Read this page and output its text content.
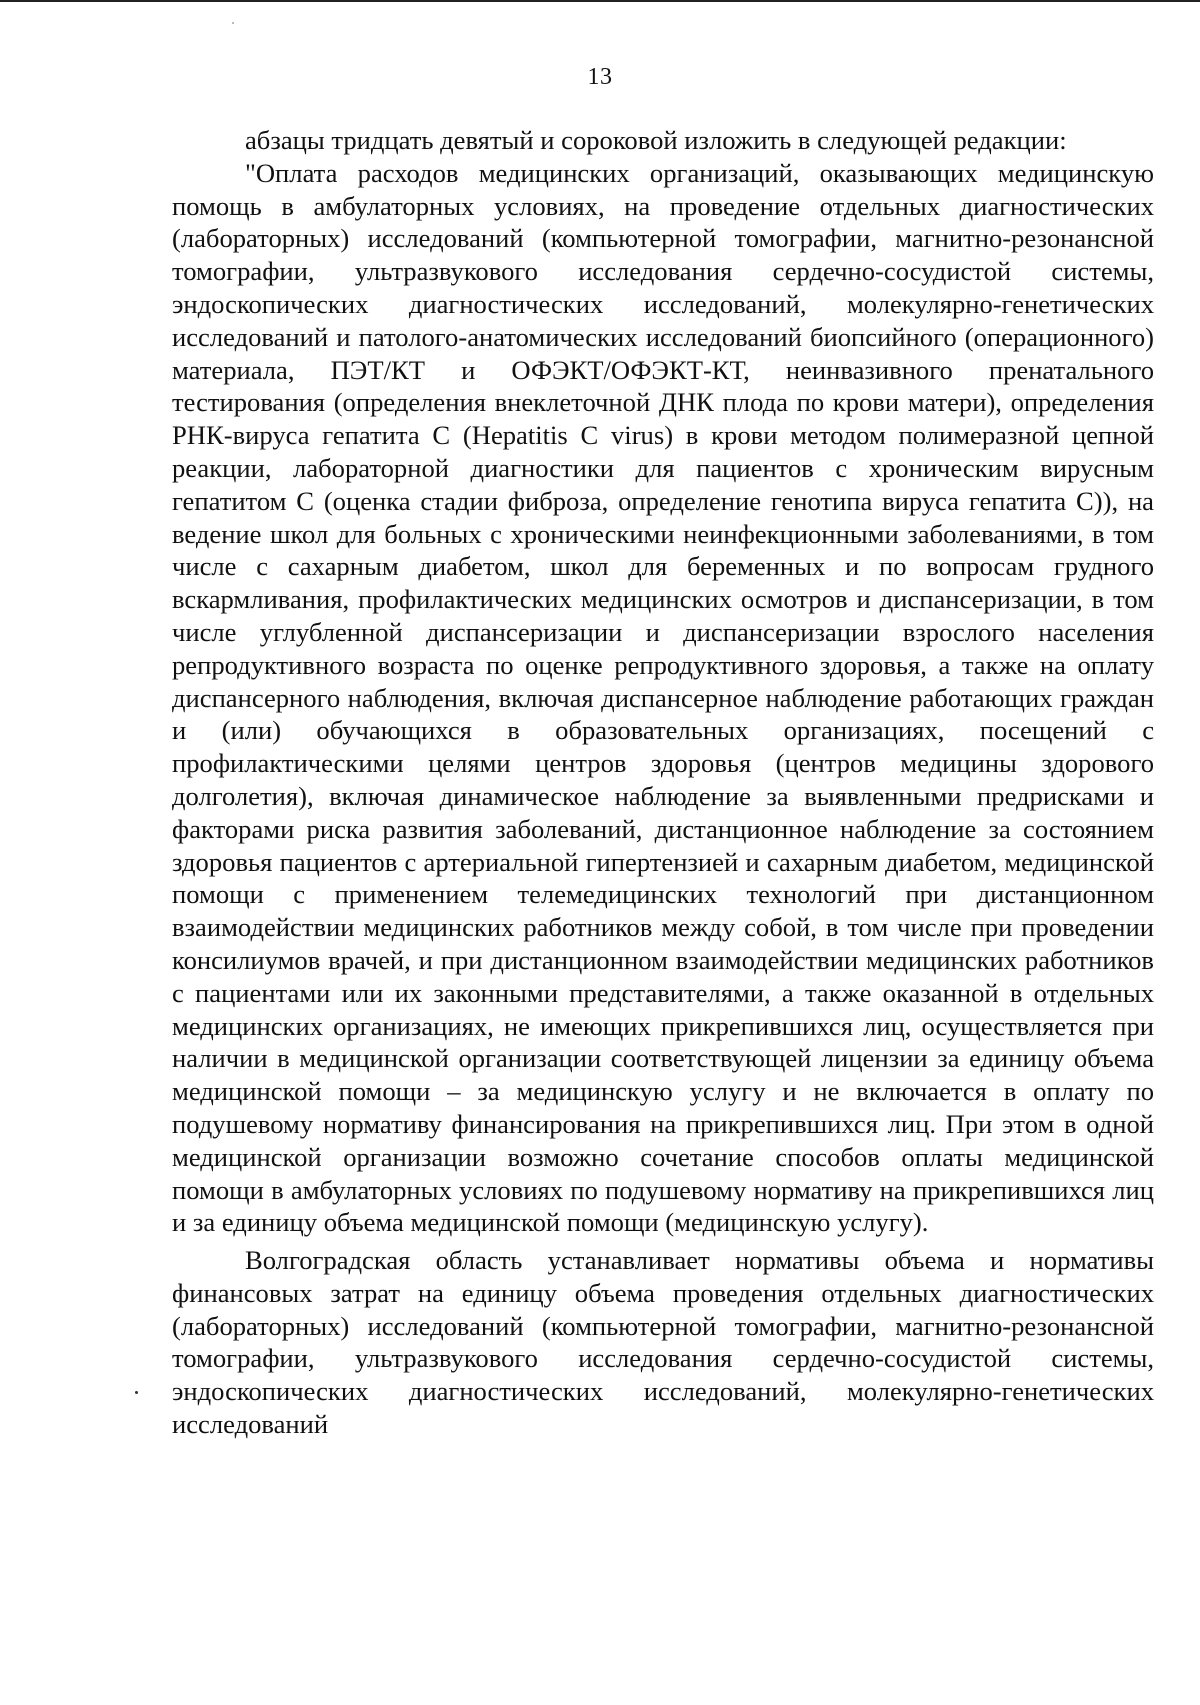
13

абзацы тридцать девятый и сороковой изложить в следующей редакции:

"Оплата расходов медицинских организаций, оказывающих медицинскую помощь в амбулаторных условиях, на проведение отдельных диагностических (лабораторных) исследований (компьютерной томографии, магнитно-резонансной томографии, ультразвукового исследования сердечно-сосудистой системы, эндоскопических диагностических исследований, молекулярно-генетических исследований и патолого-анатомических исследований биопсийного (операционного) материала, ПЭТ/КТ и ОФЭКТ/ОФЭКТ-КТ, неинвазивного пренатального тестирования (определения внеклеточной ДНК плода по крови матери), определения РНК-вируса гепатита С (Hepatitis C virus) в крови методом полимеразной цепной реакции, лабораторной диагностики для пациентов с хроническим вирусным гепатитом С (оценка стадии фиброза, определение генотипа вируса гепатита С)), на ведение школ для больных с хроническими неинфекционными заболеваниями, в том числе с сахарным диабетом, школ для беременных и по вопросам грудного вскармливания, профилактических медицинских осмотров и диспансеризации, в том числе углубленной диспансеризации и диспансеризации взрослого населения репродуктивного возраста по оценке репродуктивного здоровья, а также на оплату диспансерного наблюдения, включая диспансерное наблюдение работающих граждан и (или) обучающихся в образовательных организациях, посещений с профилактическими целями центров здоровья (центров медицины здорового долголетия), включая динамическое наблюдение за выявленными предрисками и факторами риска развития заболеваний, дистанционное наблюдение за состоянием здоровья пациентов с артериальной гипертензией и сахарным диабетом, медицинской помощи с применением телемедицинских технологий при дистанционном взаимодействии медицинских работников между собой, в том числе при проведении консилиумов врачей, и при дистанционном взаимодействии медицинских работников с пациентами или их законными представителями, а также оказанной в отдельных медицинских организациях, не имеющих прикрепившихся лиц, осуществляется при наличии в медицинской организации соответствующей лицензии за единицу объема медицинской помощи – за медицинскую услугу и не включается в оплату по подушевому нормативу финансирования на прикрепившихся лиц. При этом в одной медицинской организации возможно сочетание способов оплаты медицинской помощи в амбулаторных условиях по подушевому нормативу на прикрепившихся лиц и за единицу объема медицинской помощи (медицинскую услугу).

Волгоградская область устанавливает нормативы объема и нормативы финансовых затрат на единицу объема проведения отдельных диагностических (лабораторных) исследований (компьютерной томографии, магнитно-резонансной томографии, ультразвукового исследования сердечно-сосудистой системы, эндоскопических диагностических исследований, молекулярно-генетических исследований
